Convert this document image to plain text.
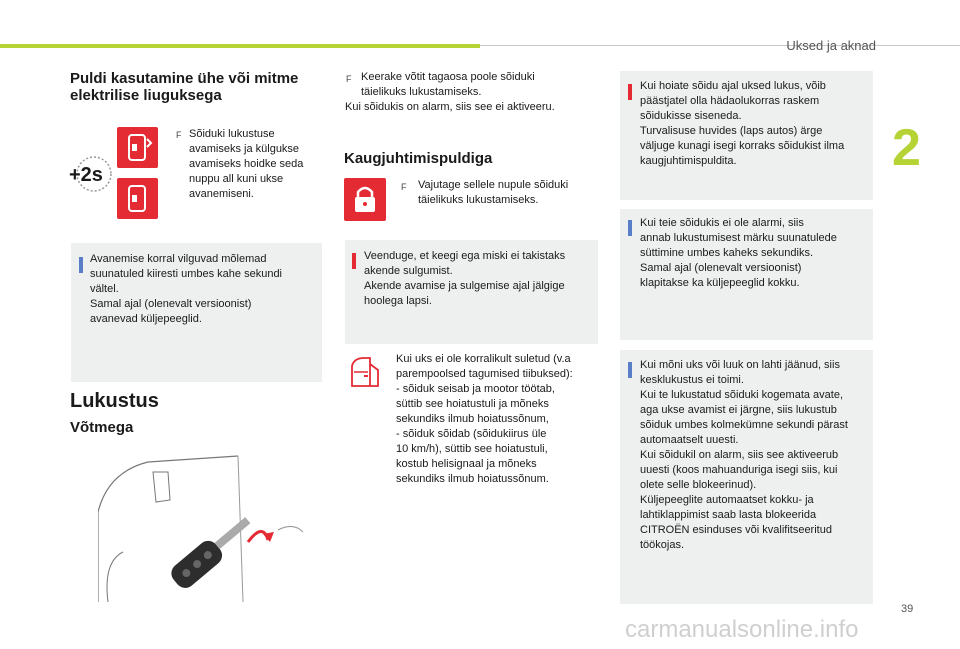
Uksed ja aknad
2
39
carmanualsonline.info
Puldi kasutamine ühe või mitme
elektrilise liuguksega
+2s
F Sõiduki lukustuse
avamiseks ja külgukse
avamiseks hoidke seda
nuppu all kuni ukse
avanemiseni.
Avanemise korral vilguvad mõlemad
suunatuled kiiresti umbes kahe sekundi
vältel.
Samal ajal (olenevalt versioonist)
avanevad küljepeeglid.
Lukustus
Võtmega
F Keerake võtit tagaosa poole sõiduki
täielikuks lukustamiseks.
Kui sõidukis on alarm, siis see ei aktiveeru.
Kaugjuhtimispuldiga
F Vajutage sellele nupule sõiduki
täielikuks lukustamiseks.
Veenduge, et keegi ega miski ei takistaks
akende sulgumist.
Akende avamise ja sulgemise ajal jälgige
hoolega lapsi.
Kui uks ei ole korralikult suletud (v.a
parempoolsed tagumised tiibuksed):
- sõiduk seisab ja mootor töötab,
süttib see hoiatustuli ja mõneks
sekundiks ilmub hoiatussõnum,
- sõiduk sõidab (sõidukiirus üle
10 km/h), süttib see hoiatustuli,
kostub helisignaal ja mõneks
sekundiks ilmub hoiatussõnum.
Kui hoiate sõidu ajal uksed lukus, võib
päästjatel olla hädaolukorras raskem
sõidukisse siseneda.
Turvalisuse huvides (laps autos) ärge
väljuge kunagi isegi korraks sõidukist ilma
kaugjuhtimispuldita.
Kui teie sõidukis ei ole alarmi, siis
annab lukustumisest märku suunatulede
süttimine umbes kaheks sekundiks.
Samal ajal (olenevalt versioonist)
klapitakse ka küljepeeglid kokku.
Kui mõni uks või luuk on lahti jäänud, siis
kesklukustus ei toimi.
Kui te lukustatud sõiduki kogemata avate,
aga ukse avamist ei järgne, siis lukustub
sõiduk umbes kolmekümne sekundi pärast
automaatselt uuesti.
Kui sõidukil on alarm, siis see aktiveerub
uuesti (koos mahuanduriga isegi siis, kui
olete selle blokeerinud).
Küljepeeglite automaatset kokku- ja
lahtiklappimist saab lasta blokeerida
CITROËN esinduses või kvalifitseeritud
töökojas.
